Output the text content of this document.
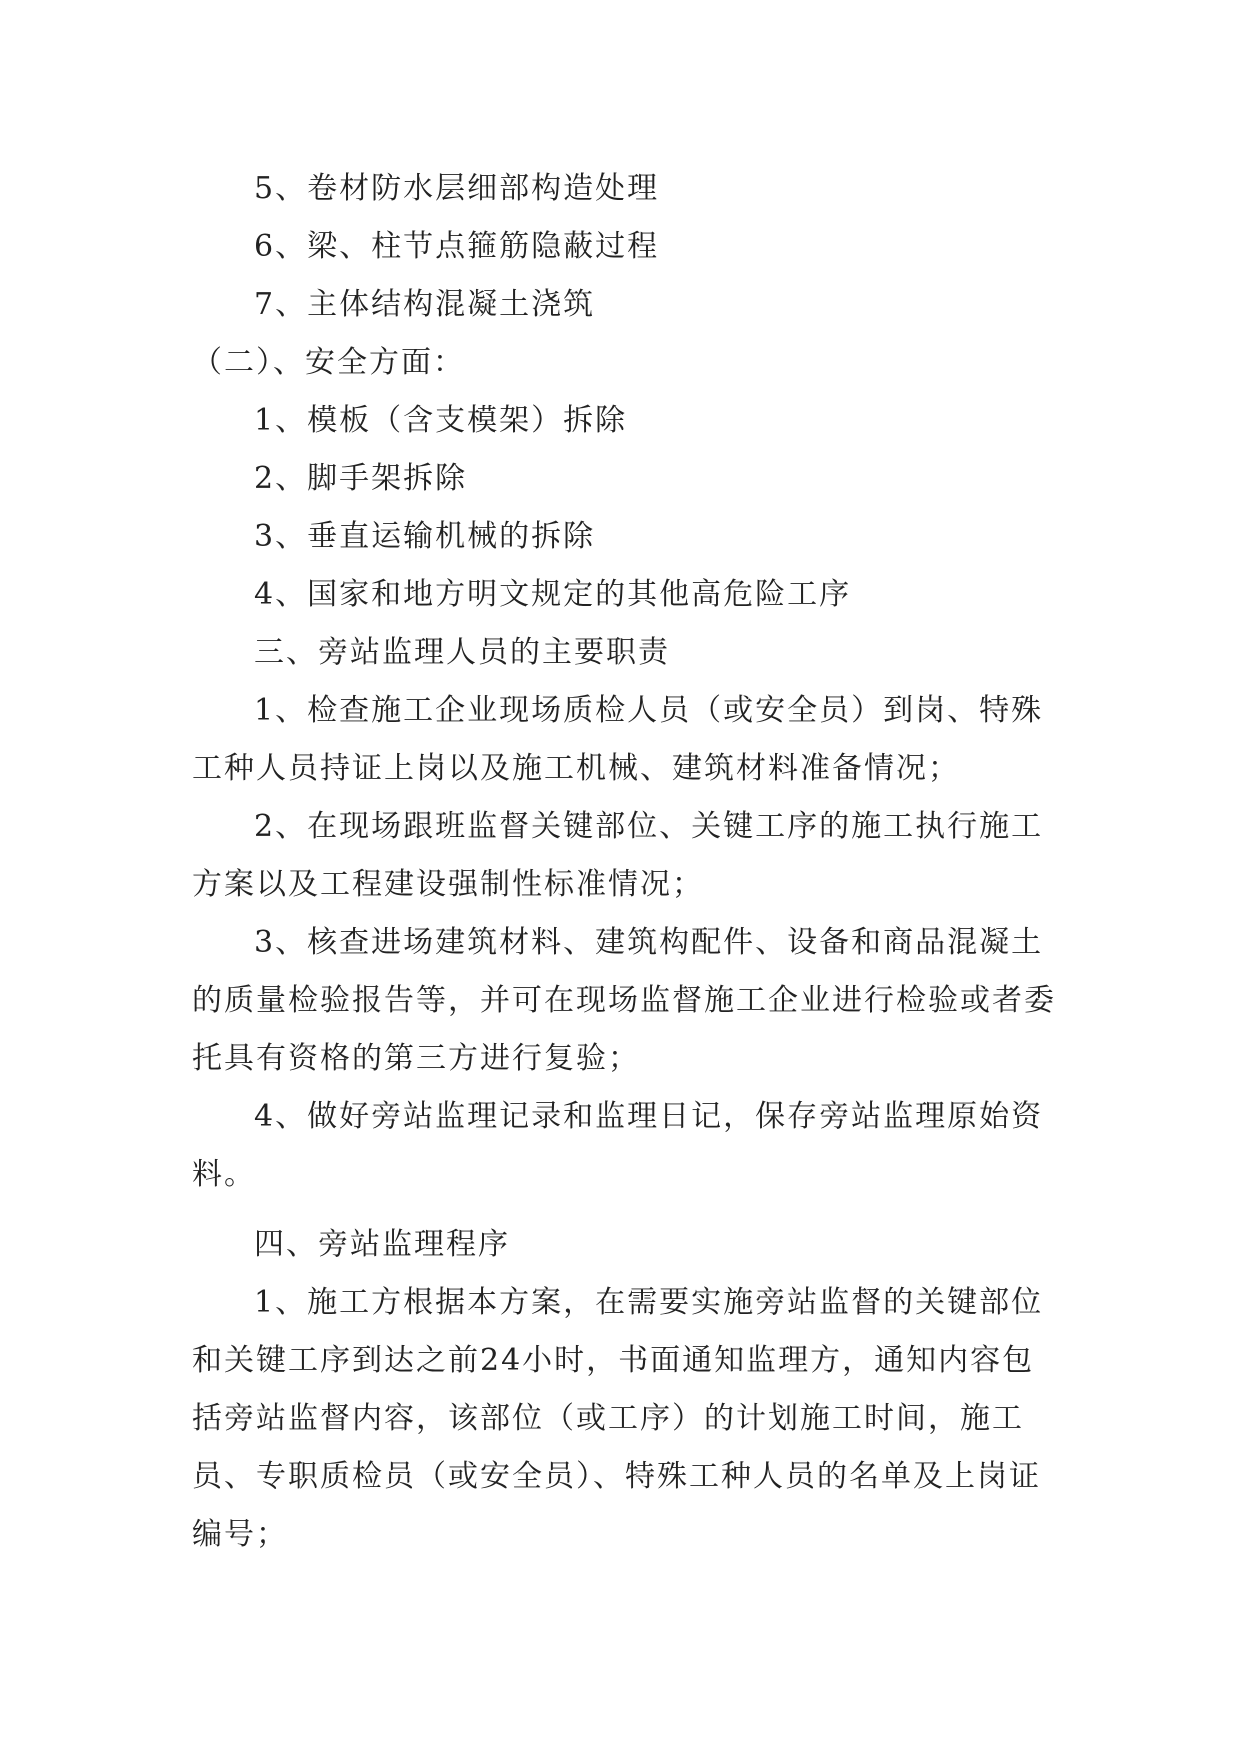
5、卷材防水层细部构造处理

6、梁、柱节点箍筋隐蔽过程

7、主体结构混凝土浇筑

（二）、安全方面：

1、模板（含支模架）拆除

2、脚手架拆除

3、垂直运输机械的拆除

4、国家和地方明文规定的其他高危险工序

三、旁站监理人员的主要职责

1、检查施工企业现场质检人员（或安全员）到岗、特殊工种人员持证上岗以及施工机械、建筑材料准备情况；

2、在现场跟班监督关键部位、关键工序的施工执行施工方案以及工程建设强制性标准情况；

3、核查进场建筑材料、建筑构配件、设备和商品混凝土的质量检验报告等，并可在现场监督施工企业进行检验或者委托具有资格的第三方进行复验；

4、做好旁站监理记录和监理日记，保存旁站监理原始资料。

四、旁站监理程序

1、施工方根据本方案，在需要实施旁站监督的关键部位和关键工序到达之前24小时，书面通知监理方，通知内容包括旁站监督内容，该部位（或工序）的计划施工时间，施工员、专职质检员（或安全员）、特殊工种人员的名单及上岗证编号；
